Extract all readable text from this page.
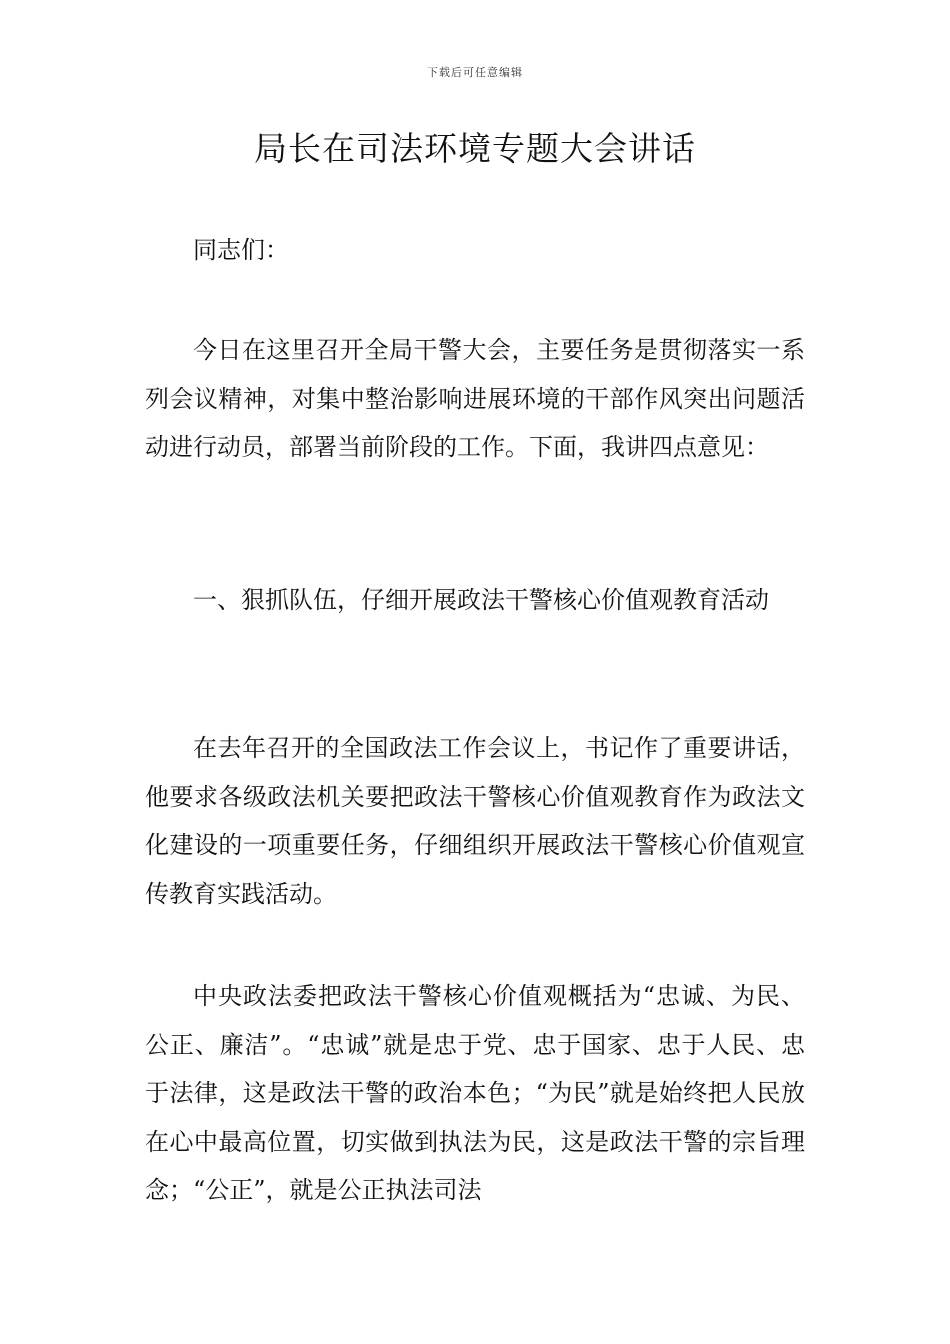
下载后可任意编辑
局长在司法环境专题大会讲话

同志们：

今日在这里召开全局干警大会，主要任务是贯彻落实一系列会议精神，对集中整治影响进展环境的干部作风突出问题活动进行动员，部署当前阶段的工作。下面，我讲四点意见：

一、狠抓队伍，仔细开展政法干警核心价值观教育活动

在去年召开的全国政法工作会议上，书记作了重要讲话，他要求各级政法机关要把政法干警核心价值观教育作为政法文化建设的一项重要任务，仔细组织开展政法干警核心价值观宣传教育实践活动。

中央政法委把政法干警核心价值观概括为“忠诚、为民、公正、廉洁”。“忠诚”就是忠于党、忠于国家、忠于人民、忠于法律，这是政法干警的政治本色；“为民”就是始终把人民放在心中最高位置，切实做到执法为民，这是政法干警的宗旨理念；“公正”，就是公正执法司法
